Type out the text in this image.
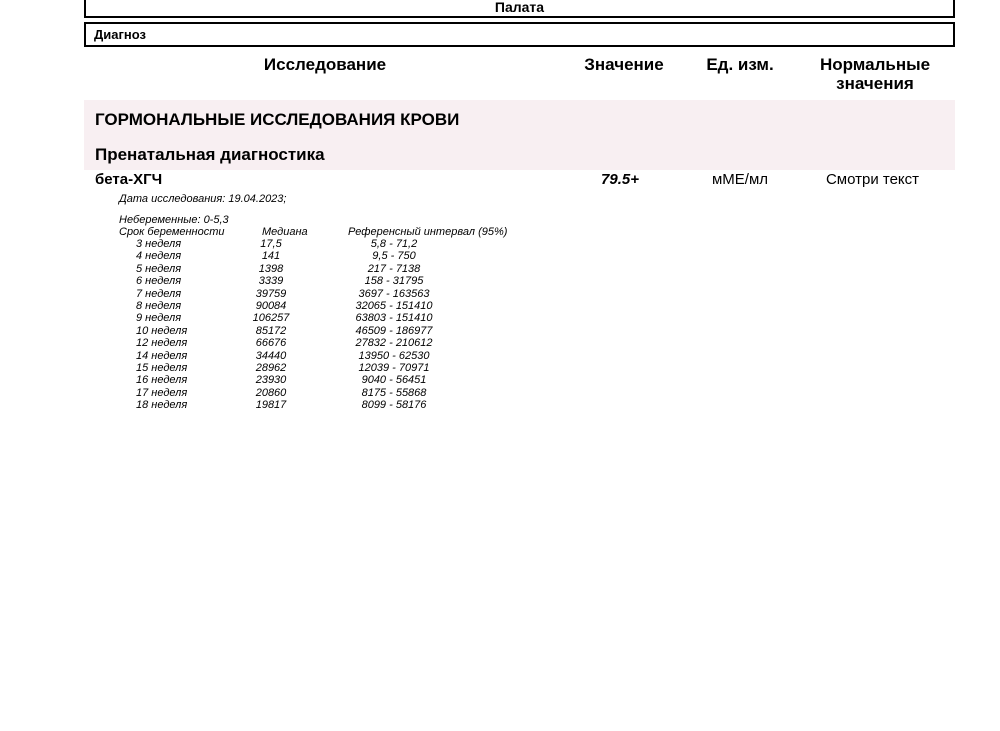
Палата
Диагноз
Исследование	Значение	Ед. изм.	Нормальные
значения
ГОРМОНАЛЬНЫЕ ИССЛЕДОВАНИЯ КРОВИ
Пренатальная диагностика
бета-ХГЧ	79.5+	мМЕ/мл	Смотри текст
Дата исследования: 19.04.2023;
Небеременные: 0-5,3
Срок беременности	Медиана	Референсный интервал (95%)
3 неделя	17,5	5,8 - 71,2
4 неделя	141	9,5 - 750
5 неделя	1398	217 - 7138
6 неделя	3339	158 - 31795
7 неделя	39759	3697 - 163563
8 неделя	90084	32065 - 151410
9 неделя	106257	63803 - 151410
10 неделя	85172	46509 - 186977
12 неделя	66676	27832 - 210612
14 неделя	34440	13950 - 62530
15 неделя	28962	12039 - 70971
16 неделя	23930	9040 - 56451
17 неделя	20860	8175 - 55868
18 неделя	19817	8099 - 58176
